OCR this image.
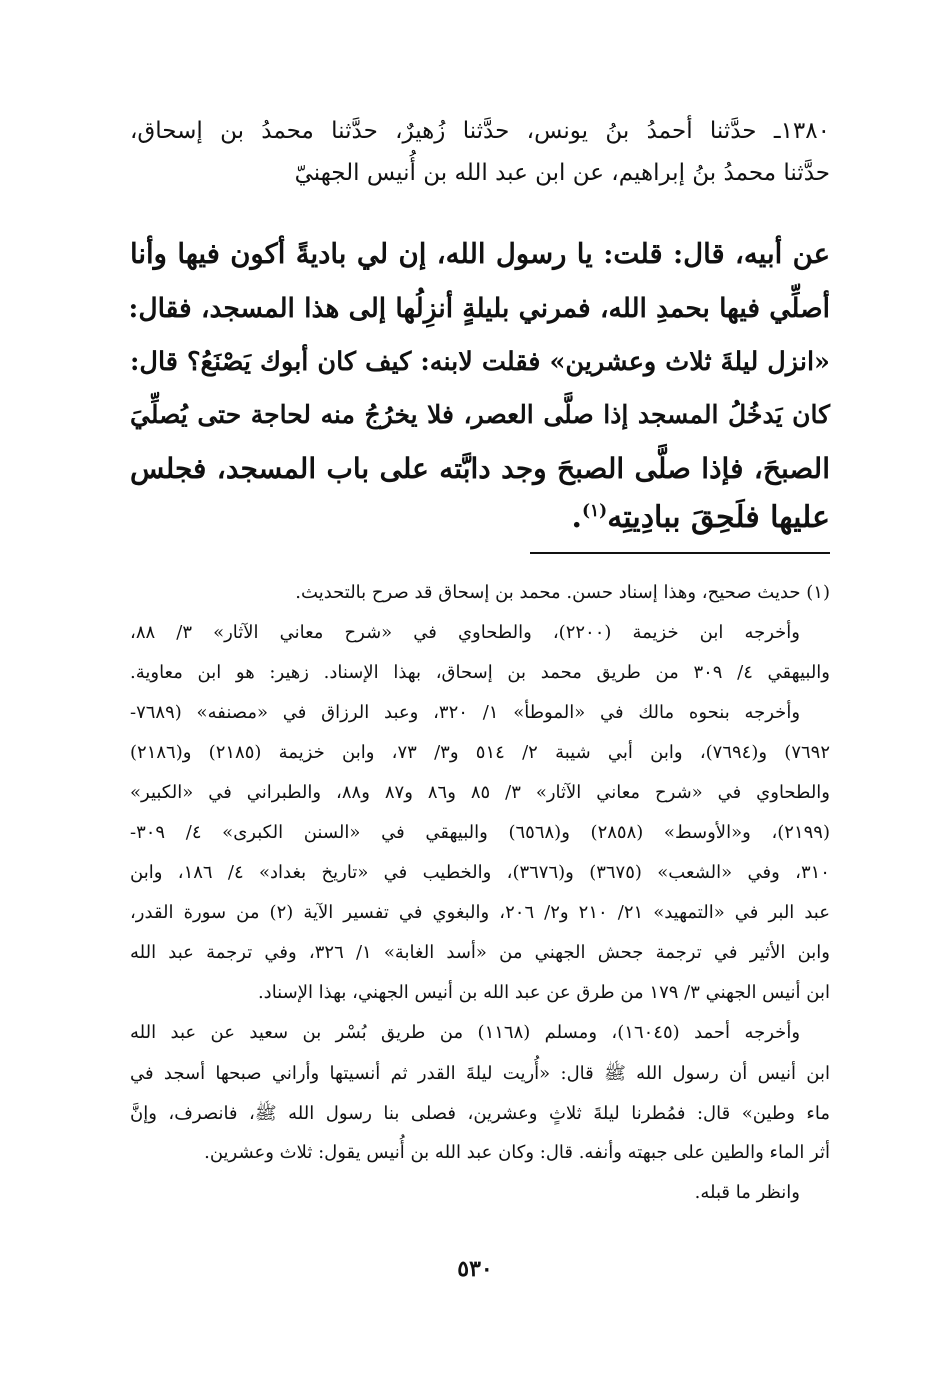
١٣٨٠ـ حدَّثنا أحمدُ بنُ يونس، حدَّثنا زُهيرٌ، حدَّثنا محمدُ بن إسحاق،
حدَّثنا محمدُ بنُ إبراهيم، عن ابن عبد الله بن أُنيس الجهنيّ
عن أبيه، قال: قلت: يا رسول الله، إن لي باديةً أكون فيها وأنا
أصلِّي فيها بحمدِ الله، فمرني بليلةٍ أنزِلُها إلى هذا المسجد، فقال:
«انزل ليلةَ ثلاث وعشرين» فقلت لابنه: كيف كان أبوك يَصْنَعُ؟ قال:
كان يَدخُلُ المسجد إذا صلَّى العصر، فلا يخرُجُ منه لحاجة حتى يُصلِّيَ
الصبحَ، فإذا صلَّى الصبحَ وجد دابَّته على باب المسجد، فجلس
عليها فلَحِقَ ببادِيتِه$^{(١)}$.
(١) حديث صحيح، وهذا إسناد حسن. محمد بن إسحاق قد صرح بالتحديث.
وأخرجه ابن خزيمة (٢٢٠٠)، والطحاوي في «شرح معاني الآثار» ٣/ ٨٨،
والبيهقي ٤/ ٣٠٩ من طريق محمد بن إسحاق، بهذا الإسناد. زهير: هو ابن معاوية.
وأخرجه بنحوه مالك في «الموطأ» ١/ ٣٢٠، وعبد الرزاق في «مصنفه» (٧٦٨٩-
٧٦٩٢) و(٧٦٩٤)، وابن أبي شيبة ٢/ ٥١٤ و٣/ ٧٣، وابن خزيمة (٢١٨٥) و(٢١٨٦)
والطحاوي في «شرح معاني الآثار» ٣/ ٨٥ و٨٦ و٨٧ و٨٨، والطبراني في «الكبير»
(٢١٩٩)، و«الأوسط» (٢٨٥٨) و(٦٥٦٨) والبيهقي في «السنن الكبرى» ٤/ ٣٠٩-
٣١٠، وفي «الشعب» (٣٦٧٥) و(٣٦٧٦)، والخطيب في «تاريخ بغداد» ٤/ ١٨٦، وابن
عبد البر في «التمهيد» ٢١/ ٢١٠ و٢/ ٢٠٦، والبغوي في تفسير الآية (٢) من سورة القدر،
وابن الأثير في ترجمة جحش الجهني من «أسد الغابة» ١/ ٣٢٦، وفي ترجمة عبد الله
ابن أنيس الجهني ٣/ ١٧٩ من طرق عن عبد الله بن أنيس الجهني، بهذا الإسناد.
وأخرجه أحمد (١٦٠٤٥)، ومسلم (١١٦٨) من طريق بُسْر بن سعيد عن عبد الله
ابن أنيس أن رسول الله ﷺ قال: «أُريت ليلةَ القدر ثم أنسيتها وأراني صبحها أسجد في
ماء وطين» قال: فمُطرنا ليلةَ ثلاثٍ وعشرين، فصلى بنا رسول الله ﷺ، فانصرف، وإنَّ
أثر الماء والطين على جبهته وأنفه. قال: وكان عبد الله بن أُنيس يقول: ثلاث وعشرين.
وانظر ما قبله.
٥٣٠
